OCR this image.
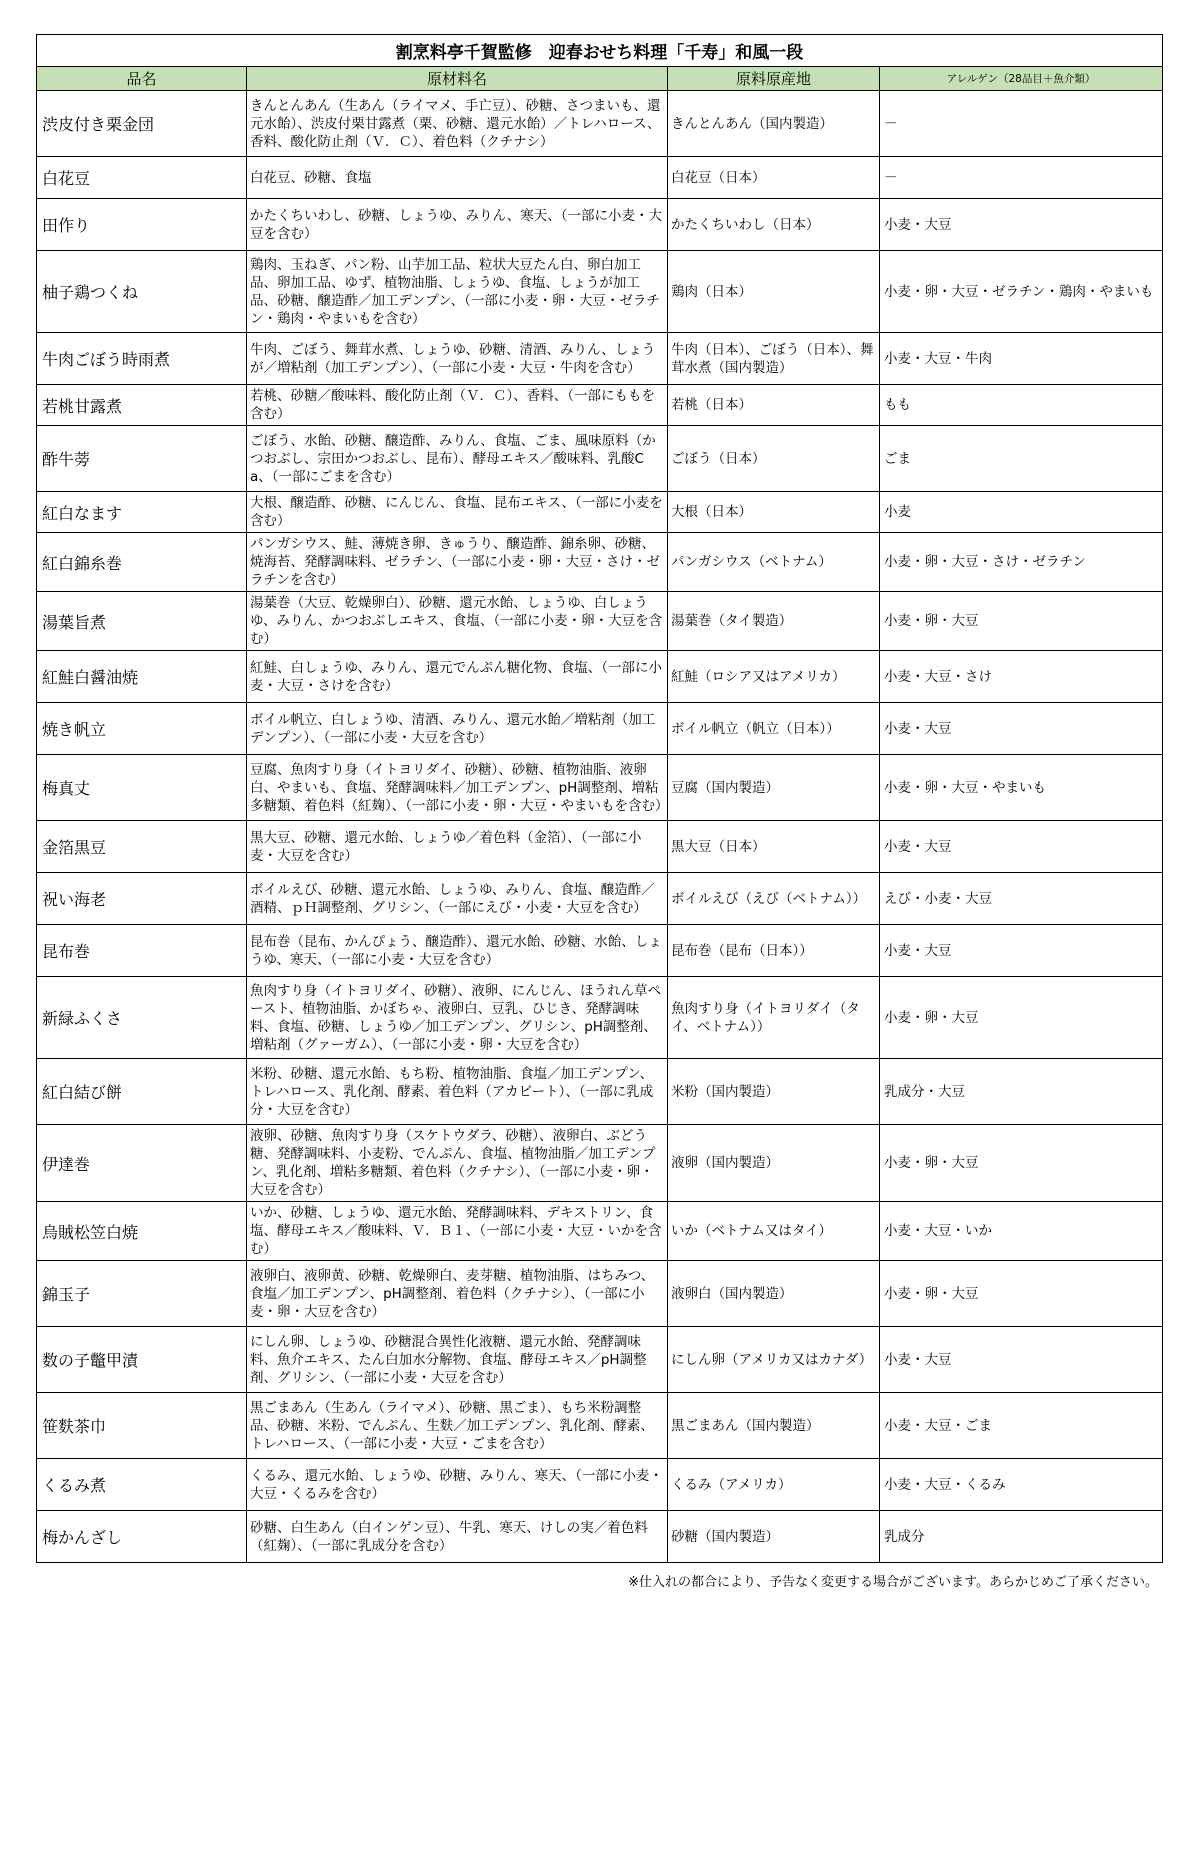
割烹料亭千賀監修　迎春おせち料理「千寿」和風一段			
品名	原材料名	原料原産地	アレルゲン（28品目＋魚介類）
渋皮付き栗金団	きんとんあん（生あん（ライマメ、手亡豆）、砂糖、さつまいも、還元水飴）、渋皮付栗甘露煮（栗、砂糖、還元水飴）／トレハロース、香料、酸化防止剤（Ｖ．Ｃ）、着色料（クチナシ）	きんとんあん（国内製造）	－
白花豆	白花豆、砂糖、食塩	白花豆（日本）	－
田作り	かたくちいわし、砂糖、しょうゆ、みりん、寒天、（一部に小麦・大豆を含む）	かたくちいわし（日本）	小麦・大豆
柚子鶏つくね	鶏肉、玉ねぎ、パン粉、山芋加工品、粒状大豆たん白、卵白加工品、卵加工品、ゆず、植物油脂、しょうゆ、食塩、しょうが加工品、砂糖、醸造酢／加工デンプン、（一部に小麦・卵・大豆・ゼラチン・鶏肉・やまいもを含む）	鶏肉（日本）	小麦・卵・大豆・ゼラチン・鶏肉・やまいも
牛肉ごぼう時雨煮	牛肉、ごぼう、舞茸水煮、しょうゆ、砂糖、清酒、みりん、しょうが／増粘剤（加工デンプン）、（一部に小麦・大豆・牛肉を含む）	牛肉（日本）、ごぼう（日本）、舞茸水煮（国内製造）	小麦・大豆・牛肉
若桃甘露煮	若桃、砂糖／酸味料、酸化防止剤（Ｖ．Ｃ）、香料、（一部にももを含む）	若桃（日本）	もも
酢牛蒡	ごぼう、水飴、砂糖、醸造酢、みりん、食塩、ごま、風味原料（かつおぶし、宗田かつおぶし、昆布）、酵母エキス／酸味料、乳酸Ca、（一部にごまを含む）	ごぼう（日本）	ごま
紅白なます	大根、醸造酢、砂糖、にんじん、食塩、昆布エキス、（一部に小麦を含む）	大根（日本）	小麦
紅白錦糸巻	パンガシウス、鮭、薄焼き卵、きゅうり、醸造酢、錦糸卵、砂糖、焼海苔、発酵調味料、ゼラチン、（一部に小麦・卵・大豆・さけ・ゼラチンを含む）	パンガシウス（ベトナム）	小麦・卵・大豆・さけ・ゼラチン
湯葉旨煮	湯葉巻（大豆、乾燥卵白）、砂糖、還元水飴、しょうゆ、白しょうゆ、みりん、かつおぶしエキス、食塩、（一部に小麦・卵・大豆を含む）	湯葉巻（タイ製造）	小麦・卵・大豆
紅鮭白醤油焼	紅鮭、白しょうゆ、みりん、還元でんぷん糖化物、食塩、（一部に小麦・大豆・さけを含む）	紅鮭（ロシア又はアメリカ）	小麦・大豆・さけ
焼き帆立	ボイル帆立、白しょうゆ、清酒、みりん、還元水飴／増粘剤（加工デンプン）、（一部に小麦・大豆を含む）	ボイル帆立（帆立（日本））	小麦・大豆
梅真丈	豆腐、魚肉すり身（イトヨリダイ、砂糖）、砂糖、植物油脂、液卵白、やまいも、食塩、発酵調味料／加工デンプン、pH調整剤、増粘多糖類、着色料（紅麹）、（一部に小麦・卵・大豆・やまいもを含む）	豆腐（国内製造）	小麦・卵・大豆・やまいも
金箔黒豆	黒大豆、砂糖、還元水飴、しょうゆ／着色料（金箔）、（一部に小麦・大豆を含む）	黒大豆（日本）	小麦・大豆
祝い海老	ボイルえび、砂糖、還元水飴、しょうゆ、みりん、食塩、醸造酢／酒精、ｐＨ調整剤、グリシン、（一部にえび・小麦・大豆を含む）	ボイルえび（えび（ベトナム））	えび・小麦・大豆
昆布巻	昆布巻（昆布、かんぴょう、醸造酢）、還元水飴、砂糖、水飴、しょうゆ、寒天、（一部に小麦・大豆を含む）	昆布巻（昆布（日本））	小麦・大豆
新緑ふくさ	魚肉すり身（イトヨリダイ、砂糖）、液卵、にんじん、ほうれん草ペースト、植物油脂、かぼちゃ、液卵白、豆乳、ひじき、発酵調味料、食塩、砂糖、しょうゆ／加工デンプン、グリシン、pH調整剤、増粘剤（グァーガム）、（一部に小麦・卵・大豆を含む）	魚肉すり身（イトヨリダイ（タイ、ベトナム））	小麦・卵・大豆
紅白結び餅	米粉、砂糖、還元水飴、もち粉、植物油脂、食塩／加工デンプン、トレハロース、乳化剤、酵素、着色料（アカビート）、（一部に乳成分・大豆を含む）	米粉（国内製造）	乳成分・大豆
伊達巻	液卵、砂糖、魚肉すり身（スケトウダラ、砂糖）、液卵白、ぶどう糖、発酵調味料、小麦粉、でんぷん、食塩、植物油脂／加工デンプン、乳化剤、増粘多糖類、着色料（クチナシ）、（一部に小麦・卵・大豆を含む）	液卵（国内製造）	小麦・卵・大豆
烏賊松笠白焼	いか、砂糖、しょうゆ、還元水飴、発酵調味料、デキストリン、食塩、酵母エキス／酸味料、Ｖ．Ｂ１、（一部に小麦・大豆・いかを含む）	いか（ベトナム又はタイ）	小麦・大豆・いか
錦玉子	液卵白、液卵黄、砂糖、乾燥卵白、麦芽糖、植物油脂、はちみつ、食塩／加工デンプン、pH調整剤、着色料（クチナシ）、（一部に小麦・卵・大豆を含む）	液卵白（国内製造）	小麦・卵・大豆
数の子鼈甲漬	にしん卵、しょうゆ、砂糖混合異性化液糖、還元水飴、発酵調味料、魚介エキス、たん白加水分解物、食塩、酵母エキス／pH調整剤、グリシン、（一部に小麦・大豆を含む）	にしん卵（アメリカ又はカナダ）	小麦・大豆
笹麩茶巾	黒ごまあん（生あん（ライマメ）、砂糖、黒ごま）、もち米粉調整品、砂糖、米粉、でんぷん、生麩／加工デンプン、乳化剤、酵素、トレハロース、（一部に小麦・大豆・ごまを含む）	黒ごまあん（国内製造）	小麦・大豆・ごま
くるみ煮	くるみ、還元水飴、しょうゆ、砂糖、みりん、寒天、（一部に小麦・大豆・くるみを含む）	くるみ（アメリカ）	小麦・大豆・くるみ
梅かんざし	砂糖、白生あん（白インゲン豆）、牛乳、寒天、けしの実／着色料（紅麹）、（一部に乳成分を含む）	砂糖（国内製造）	乳成分
※仕入れの都合により、予告なく変更する場合がございます。あらかじめご了承ください。
